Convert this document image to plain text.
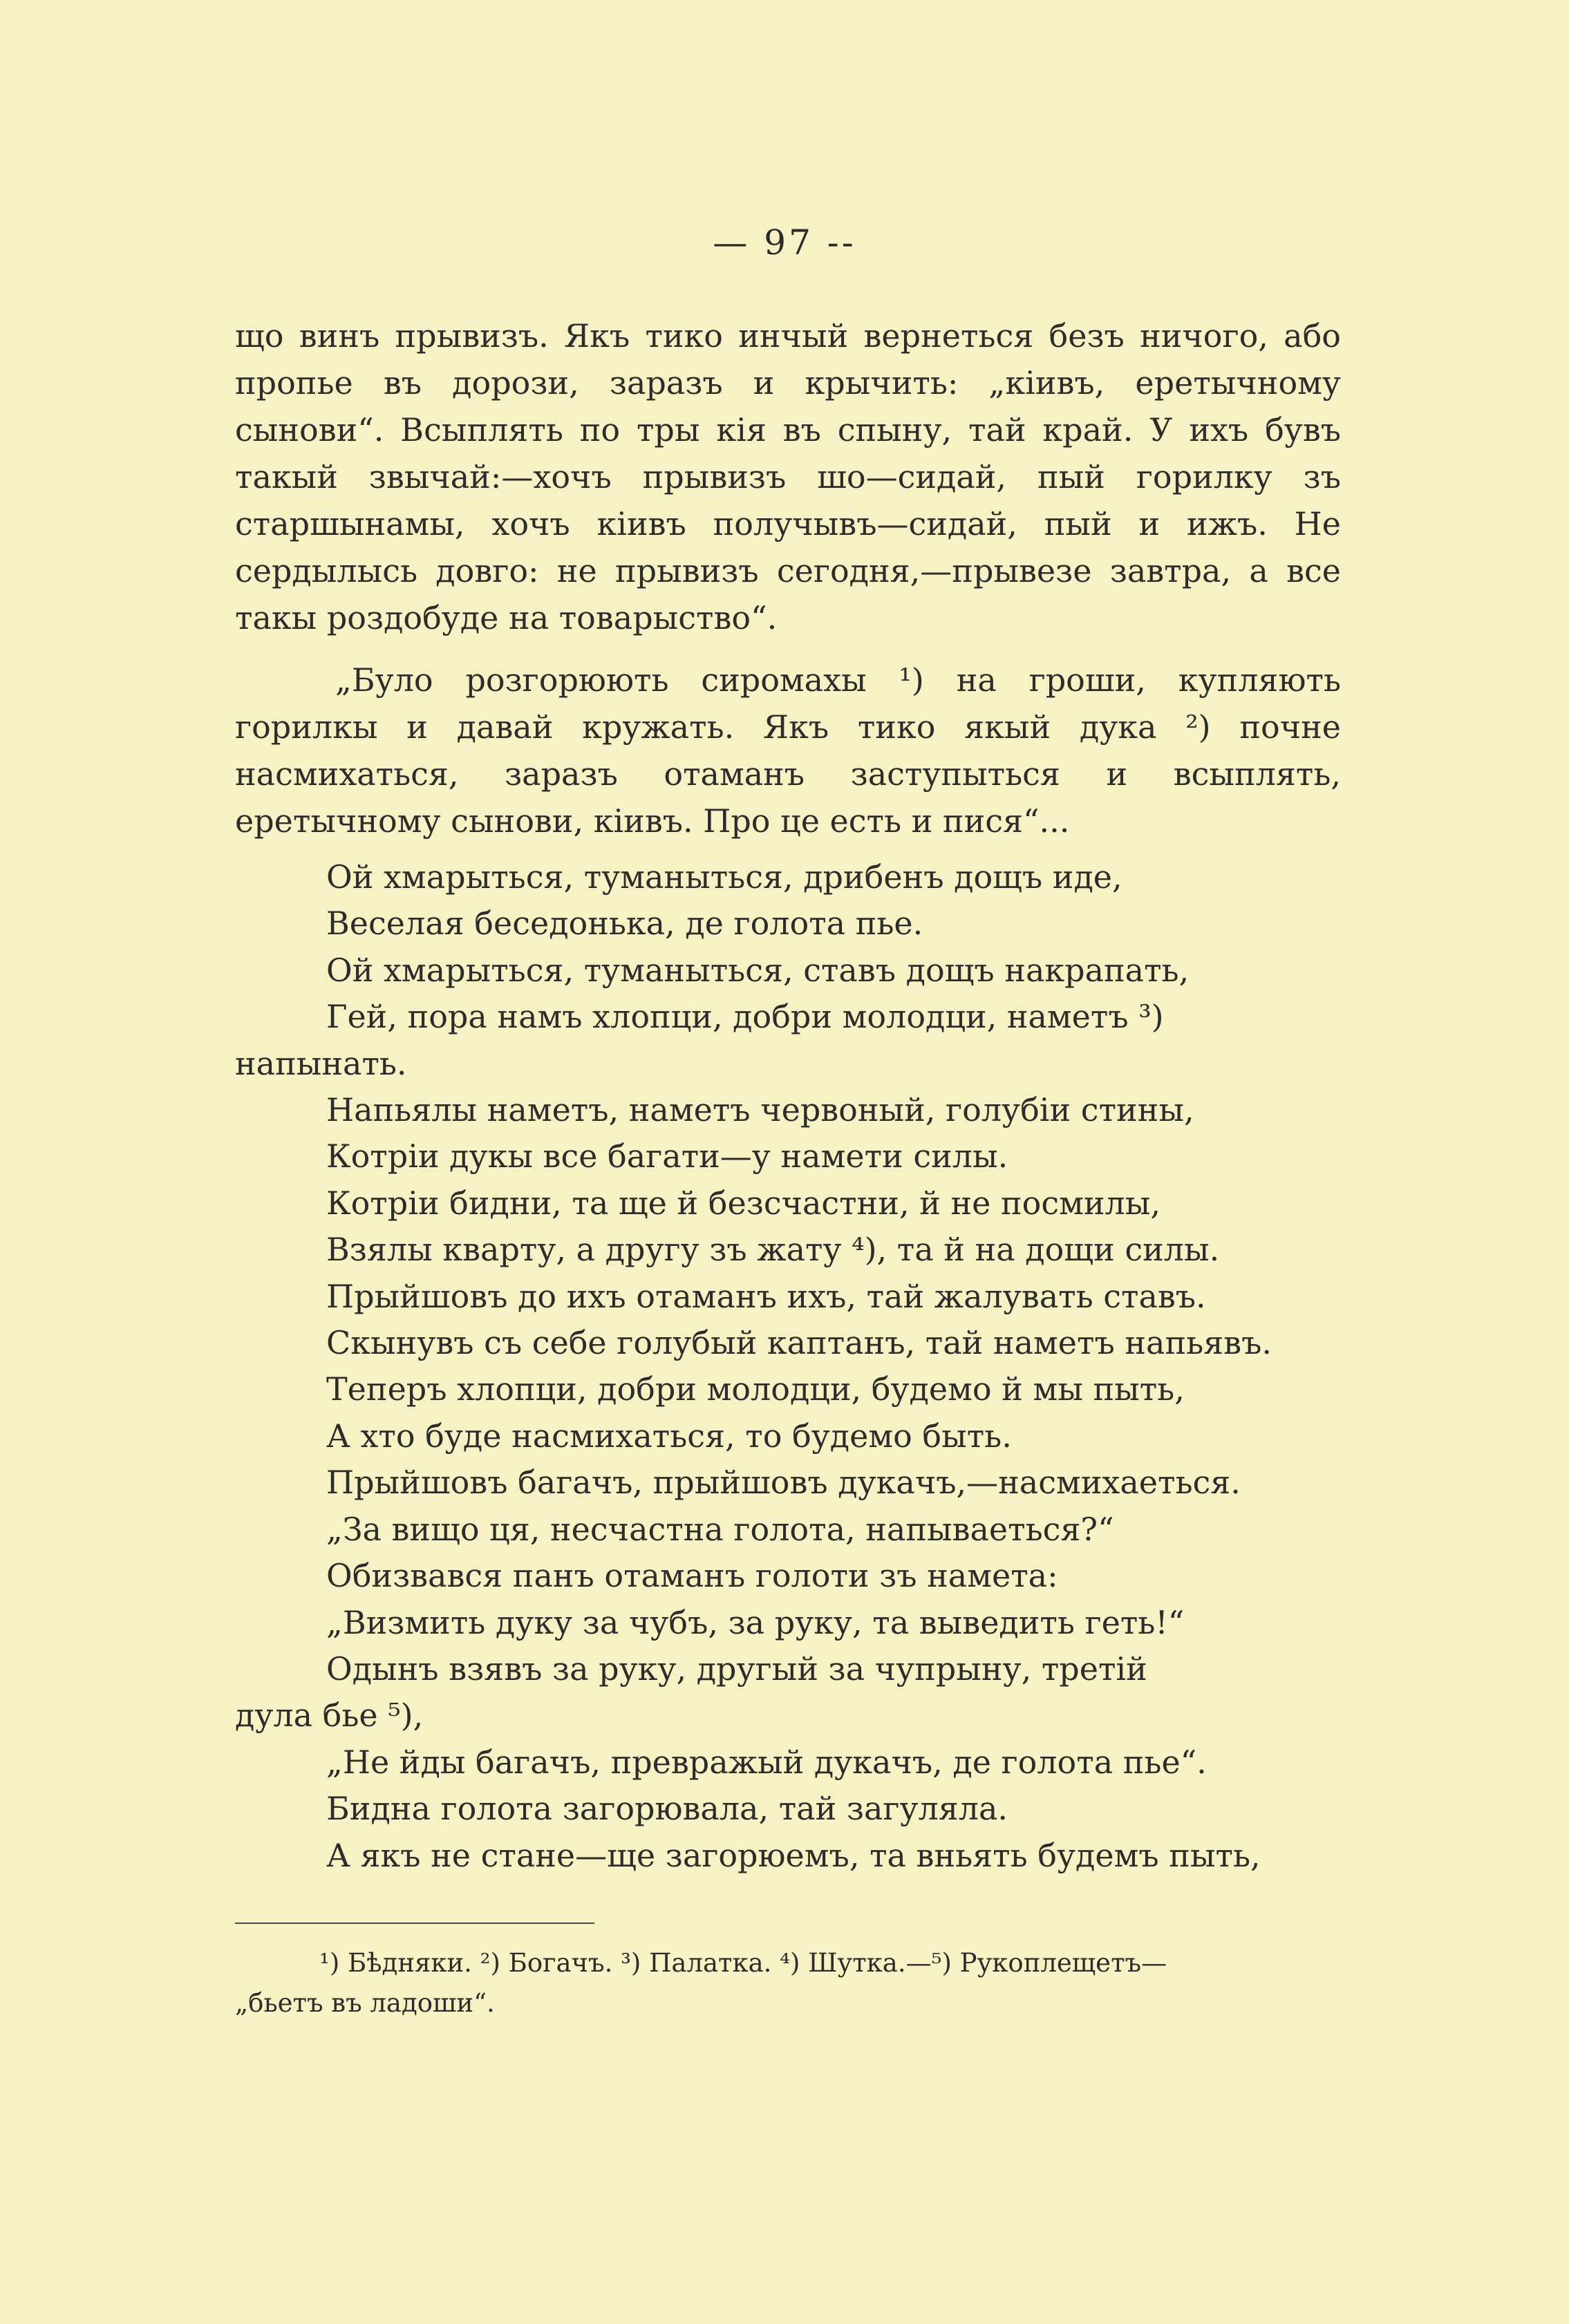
— 97 --

що винъ прывизъ. Якъ тико инчый вернеться безъ ничого, або пропье въ дорози, заразъ и крычить: „кiивъ, еретычному сынови“. Всыплять по тры кiя въ спыну, тай край. У ихъ бувъ такый звычай:—хочъ прывизъ шо—сидай, пый горилку зъ старшынамы, хочъ кiивъ получывъ—сидай, пый и ижъ. Не сердылысь довго: не прывизъ сегодня,—прывезе завтра, а все такы роздобуде на товарыство“.

„Було розгорюють сиромахы ¹) на гроши, купляють горилкы и давай кружать. Якъ тико якый дука ²) почне насмихаться, заразъ отаманъ заступыться и всыплять, еретычному сынови, кiивъ. Про це есть и пися“...

Ой хмарыться, туманыться, дрибенъ дощъ иде,
Веселая беседонька, де голота пье.
Ой хмарыться, туманыться, ставъ дощъ накрапать,
Гей, пора намъ хлопци, добри молодци, наметъ ³)
напынать.
Напьялы наметъ, наметъ червоный, голубiи стины,
Котрiи дукы все багати—у намети силы.
Котрiи бидни, та ще й безсчастни, й не посмилы,
Взялы кварту, а другу зъ жату ⁴), та й на дощи силы.
Прыйшовъ до ихъ отаманъ ихъ, тай жалувать ставъ.
Скынувъ съ себе голубый каптанъ, тай наметъ напьявъ.
Теперъ хлопци, добри молодци, будемо й мы пыть,
А хто буде насмихаться, то будемо быть.
Прыйшовъ багачъ, прыйшовъ дукачъ,—насмихаеться.
„За вищо ця, несчастна голота, напываеться?“
Обизвався панъ отаманъ голоти зъ намета:
„Визмить дуку за чубъ, за руку, та выведить геть!“
Одынъ взявъ за руку, другый за чупрыну, третiй
дула бье ⁵),
„Не йды багачъ, превражый дукачъ, де голота пье“.
Бидна голота загорювала, тай загуляла.
А якъ не стане—ще загорюемъ, та вньять будемъ пыть,
¹) Бѣдняки. ²) Богачъ. ³) Палатка. ⁴) Шутка.—⁵) Рукоплещетъ—
„бьетъ въ ладоши“.
